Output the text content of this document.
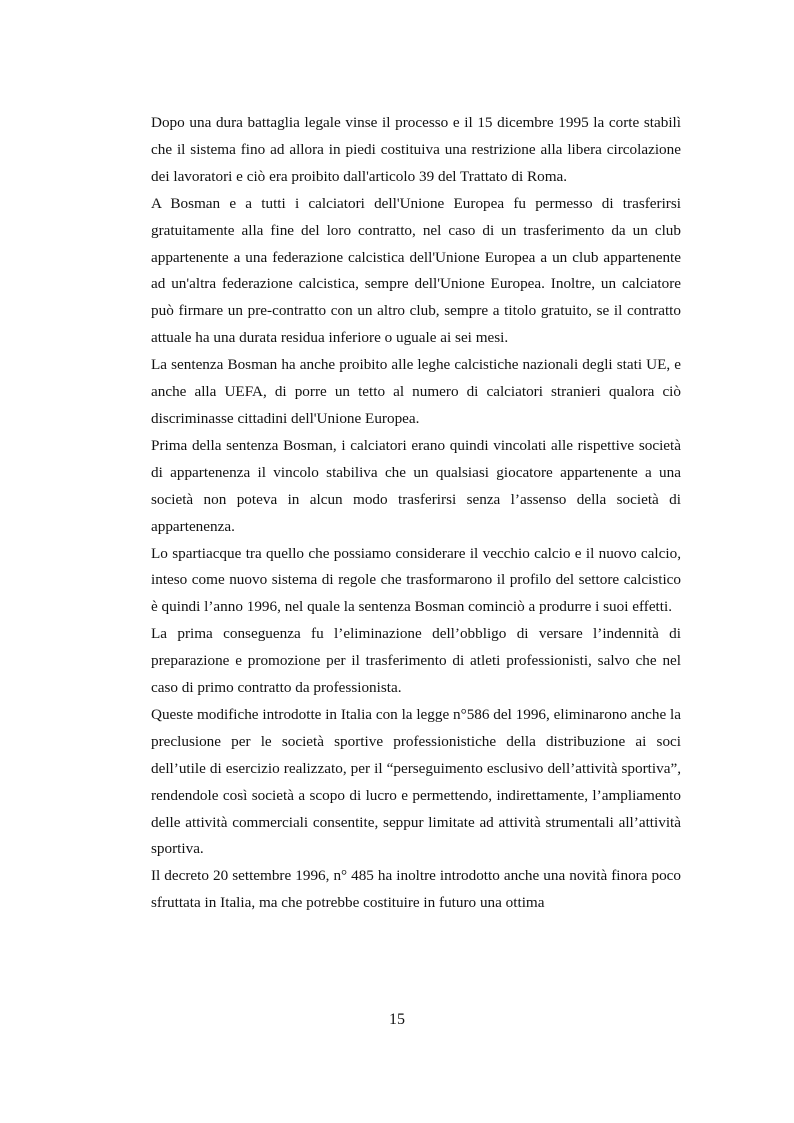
Dopo una dura battaglia legale vinse il processo e il 15 dicembre 1995 la corte stabilì che il sistema fino ad allora in piedi costituiva una restrizione alla libera circolazione dei lavoratori e ciò era proibito dall'articolo 39 del Trattato di Roma.

A Bosman e a tutti i calciatori dell'Unione Europea fu permesso di trasferirsi gratuitamente alla fine del loro contratto, nel caso di un trasferimento da un club appartenente a una federazione calcistica dell'Unione Europea a un club appartenente ad un'altra federazione calcistica, sempre dell'Unione Europea. Inoltre, un calciatore può firmare un pre-contratto con un altro club, sempre a titolo gratuito, se il contratto attuale ha una durata residua inferiore o uguale ai sei mesi.

La sentenza Bosman ha anche proibito alle leghe calcistiche nazionali degli stati UE, e anche alla UEFA, di porre un tetto al numero di calciatori stranieri qualora ciò discriminasse cittadini dell'Unione Europea.

Prima della sentenza Bosman, i calciatori erano quindi vincolati alle rispettive società di appartenenza il vincolo stabiliva che un qualsiasi giocatore appartenente a una società non poteva in alcun modo trasferirsi senza l’assenso della società di appartenenza.

Lo spartiacque tra quello che possiamo considerare il vecchio calcio e il nuovo calcio, inteso come nuovo sistema di regole che trasformarono il profilo del settore calcistico è quindi l’anno 1996, nel quale la sentenza Bosman cominciò a produrre i suoi effetti.

La prima conseguenza fu l’eliminazione dell’obbligo di versare l’indennità di preparazione e promozione per il trasferimento di atleti professionisti, salvo che nel caso di primo contratto da professionista.

Queste modifiche introdotte in Italia con la legge n°586 del 1996, eliminarono anche la preclusione per le società sportive professionistiche della distribuzione ai soci dell’utile di esercizio realizzato, per il “perseguimento esclusivo dell’attività sportiva”, rendendole così società a scopo di lucro e permettendo, indirettamente, l’ampliamento delle attività commerciali consentite, seppur limitate ad attività strumentali all’attività sportiva.

Il decreto 20 settembre 1996, n° 485 ha inoltre introdotto anche una novità finora poco sfruttata in Italia, ma che potrebbe costituire in futuro una ottima

15
